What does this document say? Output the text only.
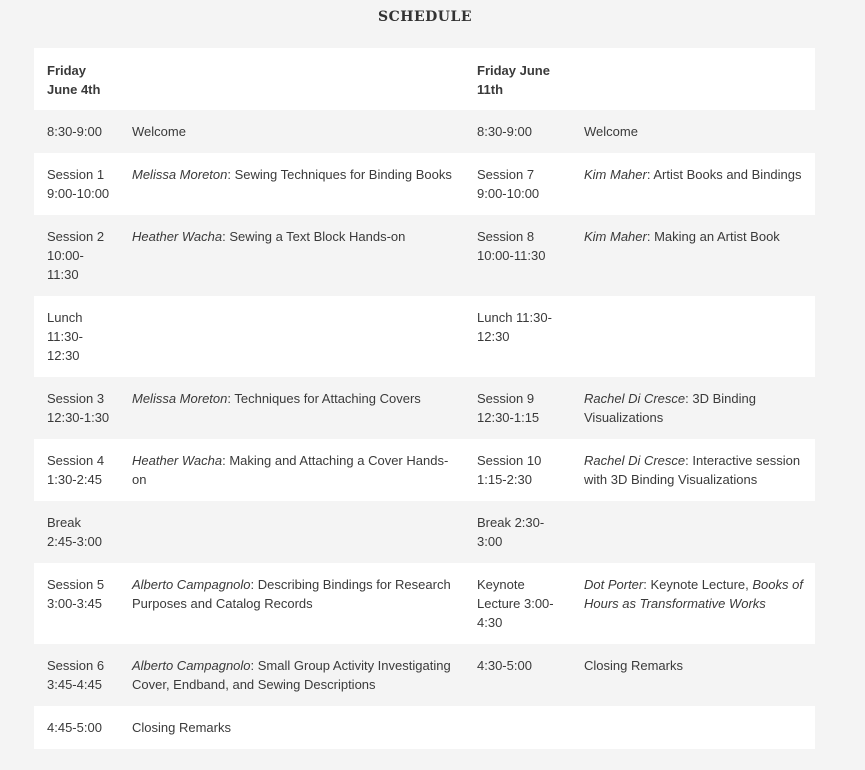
SCHEDULE
Friday June 4th		Friday June 11th	
8:30-9:00	Welcome	8:30-9:00	Welcome
Session 1 9:00-10:00	Melissa Moreton: Sewing Techniques for Binding Books	Session 7 9:00-10:00	Kim Maher: Artist Books and Bindings
Session 2 10:00-11:30	Heather Wacha: Sewing a Text Block Hands-on	Session 8 10:00-11:30	Kim Maher: Making an Artist Book
Lunch 11:30-12:30		Lunch 11:30-12:30	
Session 3 12:30-1:30	Melissa Moreton: Techniques for Attaching Covers	Session 9 12:30-1:15	Rachel Di Cresce: 3D Binding Visualizations
Session 4 1:30-2:45	Heather Wacha: Making and Attaching a Cover Hands-on	Session 10 1:15-2:30	Rachel Di Cresce: Interactive session with 3D Binding Visualizations
Break 2:45-3:00		Break 2:30-3:00	
Session 5 3:00-3:45	Alberto Campagnolo: Describing Bindings for Research Purposes and Catalog Records	Keynote Lecture 3:00-4:30	Dot Porter: Keynote Lecture, Books of Hours as Transformative Works
Session 6 3:45-4:45	Alberto Campagnolo: Small Group Activity Investigating Cover, Endband, and Sewing Descriptions	4:30-5:00	Closing Remarks
4:45-5:00	Closing Remarks		
